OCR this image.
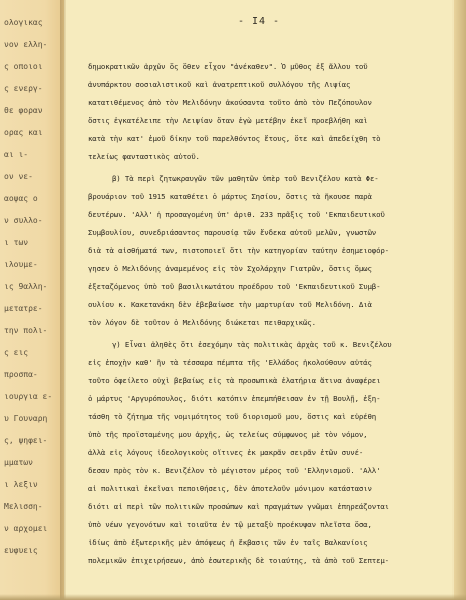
ολογικας
νον ελλη-
ς οποιοι
ς ενεργ-
θε φοραν
ορας και
αι ι-
ον νε-
αοψας ο
ν συλλο-
ι των
ιλουμε-
ις 9αλλη-
μετατρε-
την πολι-
ς εις
προσπα-
ιουργια ε-
υ Γουναρη
ς, ψηφει-
μματων
ι λεξιν
Μελισση-
ν αρχομει
ευφυεις
- I4 -
δημοκρατικῶν ἀρχῶν ὅς ὅθεν εἶχον "ἀνέκαθεν". Ὁ μῦθος ἐξ ἄλλου τοῦ
ἀνυπάρκτου σοσιαλιστικοῦ καὶ ἀνατρεπτικοῦ συλλόγου τῆς Λιψίας
κατατιθέμενος ἀπὸ τὸν Μελιδόνην ἀκούσαντα τοῦτο ἀπὸ τὸν Πεζόπουλον
ὅστις ἐγκατέλειπε τὴν Λειψίαν ὅταν ἐγὼ μετέβην ἐκεῖ προεβλήθη καὶ
κατὰ τὴν κατ' ἐμοῦ δίκην τοῦ παρελθόντος ἔτους, ὅτε καὶ ἀπεδείχθη τὸ
τελείως φανταστικὸς αὐτοῦ.
β) Τὰ περὶ ζητωκραυγῶν τῶν μαθητῶν ὑπὲρ τοῦ Βενιζέλου κατὰ Φε-
βρουάριον τοῦ 1915 καταθέτει ὁ μάρτυς Σησίου, ὅστις τὰ ἤκουσε παρὰ
δευτέρων. 'Αλλ' ἡ προσαγομένη ὑπ' ἀριθ. 233 πρᾶξις τοῦ 'Εκπαιδευτικοῦ
Συμβουλίου, συνεδριάσαντος παρουσίᾳ τῶν ἕνδεκα αὐτοῦ μελῶν, γνωστῶν
διὰ τὰ αἰσθήματά των, πιστοποιεῖ ὅτι τὴν κατηγορίαν ταύτην ἐσημειοφόρ-
γησεν ὁ Μελιδόνης ἀναμεμένος εἰς τὸν Σχολάρχην Γιατρῶν, ὅστις ὅμως
ἐξεταζόμενος ὑπὸ τοῦ βασιλικωτάτου προέδρου τοῦ 'Εκπαιδευτικοῦ Συμβ-
ουλίου κ. Κακετανάκη δὲν ἐβεβαίωσε τὴν μαρτυρίαν τοῦ Μελιδόνη. Διὰ
τὸν λόγον δὲ τοῦτον ὁ Μελιδόνης διώκεται πειθαρχικῶς.
γ) Εἶναι ἀληθὲς ὅτι ἐσεχόμην τὰς πολιτικὰς ἀρχὰς τοῦ κ. Βενιζέλου
εἰς ἐποχὴν καθ' ἣν τὰ τέσσαρα πέμπτα τῆς 'Ελλάδος ἠκολούθουν αὐτάς
τοῦτο ὀφείλετο οὐχὶ βεβαίως εἰς τὰ προσωπικὰ ἐλατήρια ἅτινα ἀναφέρει
ὁ μάρτυς 'Αργυρόπουλος, διότι κατόπιν ἐπεμπήθεισαν ἐν τῇ Βουλῇ, ἐξη-
τάσθη τὸ ζήτημα τῆς νομιμότητος τοῦ διορισμοῦ μου, ὅστις καὶ εὑρέθη
ὑπὸ τῆς προϊσταμένης μου ἀρχῆς, ὡς τελείως σύμφωνος μὲ τὸν νόμον,
ἀλλὰ εἰς λόγους ἰδεολογικοὺς οἵτινες ἐκ μακρᾶν σειρᾶν ἐτῶν συνέ-
δεσαν πρὸς τὸν κ. Βενιζέλον τὸ μέγιστον μέρος τοῦ 'Ελληνισμοῦ. 'Αλλ'
αἱ πολιτικαὶ ἐκεῖναι πεποιθήσεις, δὲν ἀποτελοῦν μόνιμον κατάστασιν
διότι αἱ περὶ τῶν πολιτικῶν προσώπων καὶ πραγμάτων γνῶμαι ἐπηρεάζονται
ὑπὸ νέων γεγονότων καὶ τοιαῦτα ἐν τῷ μεταξὺ προέκυψαν πλεῖστα ὅσα,
ἰδίως ἀπὸ ἐξωτερικῆς μὲν ἀπόψεως ἡ ἔκβασις τῶν ἐν ταῖς Βαλκανίοις
πολεμικῶν ἐπιχειρήσεων, ἀπὸ ἐσωτερικῆς δὲ τοιαύτης, τὰ ἀπὸ τοῦ Σεπτεμ-
